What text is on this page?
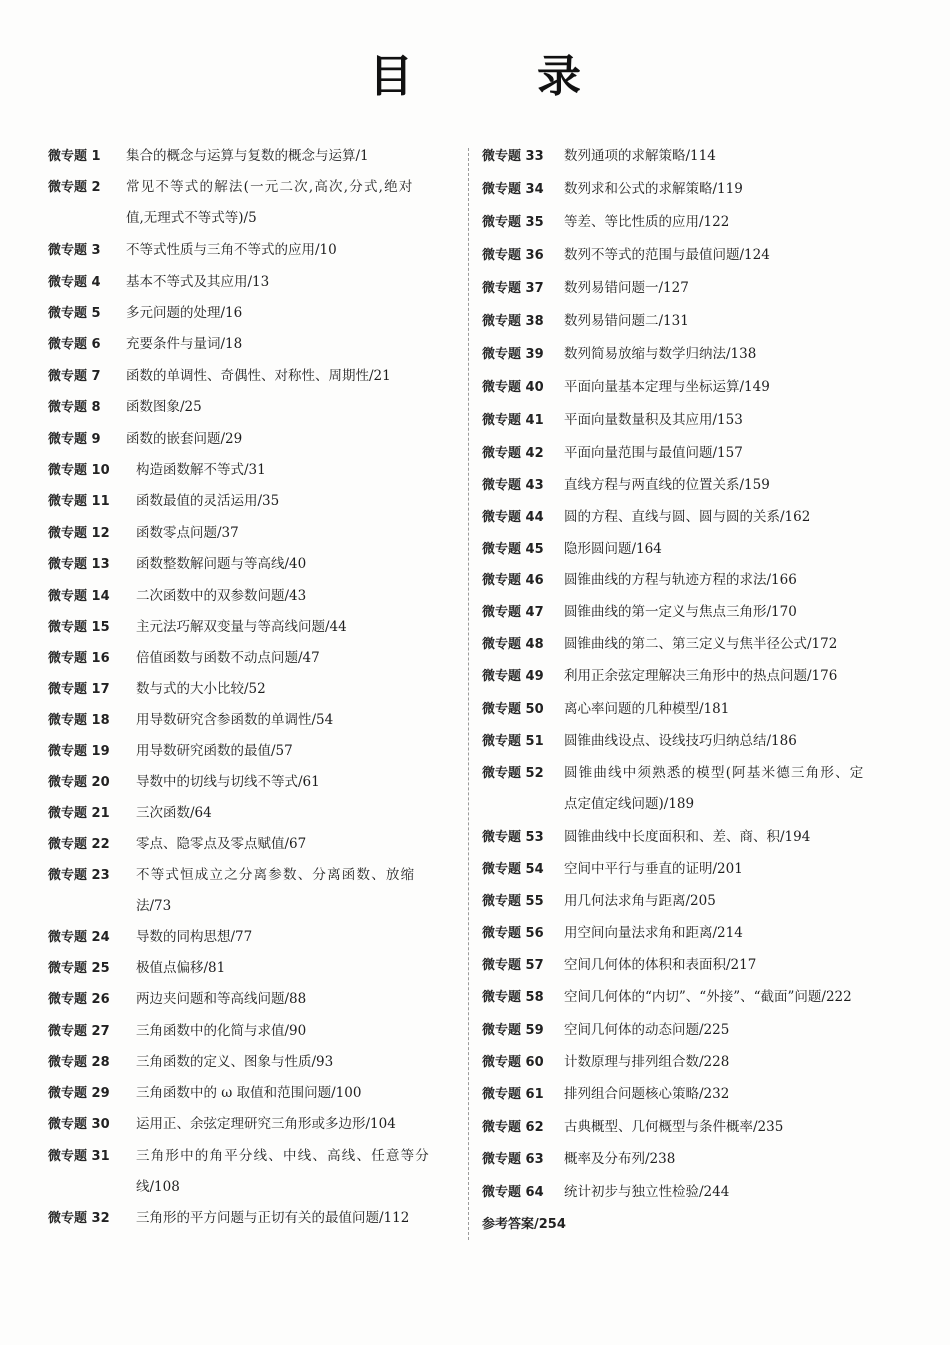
目　录
微专题 1 集合的概念与运算与复数的概念与运算/1
微专题 2 常见不等式的解法(一元二次,高次,分式,绝对
值,无理式不等式等)/5
微专题 3 不等式性质与三角不等式的应用/10
微专题 4 基本不等式及其应用/13
微专题 5 多元问题的处理/16
微专题 6 充要条件与量词/18
微专题 7 函数的单调性、奇偶性、对称性、周期性/21
微专题 8 函数图象/25
微专题 9 函数的嵌套问题/29
微专题 10 构造函数解不等式/31
微专题 11 函数最值的灵活运用/35
微专题 12 函数零点问题/37
微专题 13 函数整数解问题与等高线/40
微专题 14 二次函数中的双参数问题/43
微专题 15 主元法巧解双变量与等高线问题/44
微专题 16 倍值函数与函数不动点问题/47
微专题 17 数与式的大小比较/52
微专题 18 用导数研究含参函数的单调性/54
微专题 19 用导数研究函数的最值/57
微专题 20 导数中的切线与切线不等式/61
微专题 21 三次函数/64
微专题 22 零点、隐零点及零点赋值/67
微专题 23 不等式恒成立之分离参数、分离函数、放缩
法/73
微专题 24 导数的同构思想/77
微专题 25 极值点偏移/81
微专题 26 两边夹问题和等高线问题/88
微专题 27 三角函数中的化简与求值/90
微专题 28 三角函数的定义、图象与性质/93
微专题 29 三角函数中的 ω 取值和范围问题/100
微专题 30 运用正、余弦定理研究三角形或多边形/104
微专题 31 三角形中的角平分线、中线、高线、任意等分
线/108
微专题 32 三角形的平方问题与正切有关的最值问题/112
微专题 33 数列通项的求解策略/114
微专题 34 数列求和公式的求解策略/119
微专题 35 等差、等比性质的应用/122
微专题 36 数列不等式的范围与最值问题/124
微专题 37 数列易错问题一/127
微专题 38 数列易错问题二/131
微专题 39 数列简易放缩与数学归纳法/138
微专题 40 平面向量基本定理与坐标运算/149
微专题 41 平面向量数量积及其应用/153
微专题 42 平面向量范围与最值问题/157
微专题 43 直线方程与两直线的位置关系/159
微专题 44 圆的方程、直线与圆、圆与圆的关系/162
微专题 45 隐形圆问题/164
微专题 46 圆锥曲线的方程与轨迹方程的求法/166
微专题 47 圆锥曲线的第一定义与焦点三角形/170
微专题 48 圆锥曲线的第二、第三定义与焦半径公式/172
微专题 49 利用正余弦定理解决三角形中的热点问题/176
微专题 50 离心率问题的几种模型/181
微专题 51 圆锥曲线设点、设线技巧归纳总结/186
微专题 52 圆锥曲线中须熟悉的模型(阿基米德三角形、定
点定值定线问题)/189
微专题 53 圆锥曲线中长度面积和、差、商、积/194
微专题 54 空间中平行与垂直的证明/201
微专题 55 用几何法求角与距离/205
微专题 56 用空间向量法求角和距离/214
微专题 57 空间几何体的体积和表面积/217
微专题 58 空间几何体的“内切”、“外接”、“截面”问题/222
微专题 59 空间几何体的动态问题/225
微专题 60 计数原理与排列组合数/228
微专题 61 排列组合问题核心策略/232
微专题 62 古典概型、几何概型与条件概率/235
微专题 63 概率及分布列/238
微专题 64 统计初步与独立性检验/244
参考答案/254
